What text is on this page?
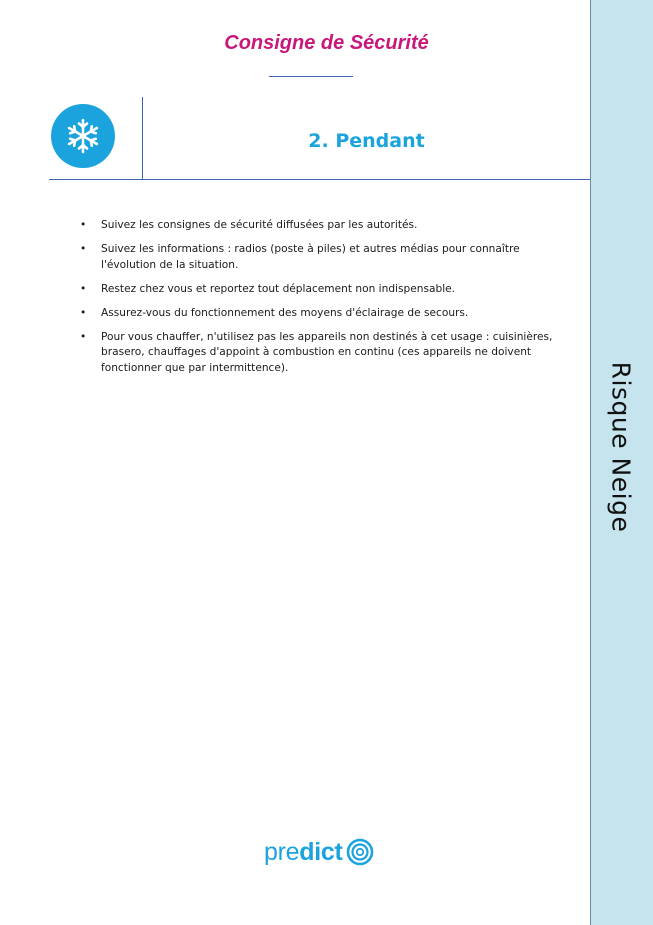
Risque Neige
Consigne de Sécurité
2. Pendant
• Suivez les consignes de sécurité diffusées par les autorités.
• Suivez les informations : radios (poste à piles) et autres médias pour connaître l'évolution de la situation.
• Restez chez vous et reportez tout déplacement non indispensable.
• Assurez-vous du fonctionnement des moyens d'éclairage de secours.
• Pour vous chauffer, n'utilisez pas les appareils non destinés à cet usage : cuisinières, brasero, chauffages d'appoint à combustion en continu (ces appareils ne doivent fonctionner que par intermittence).
predict
